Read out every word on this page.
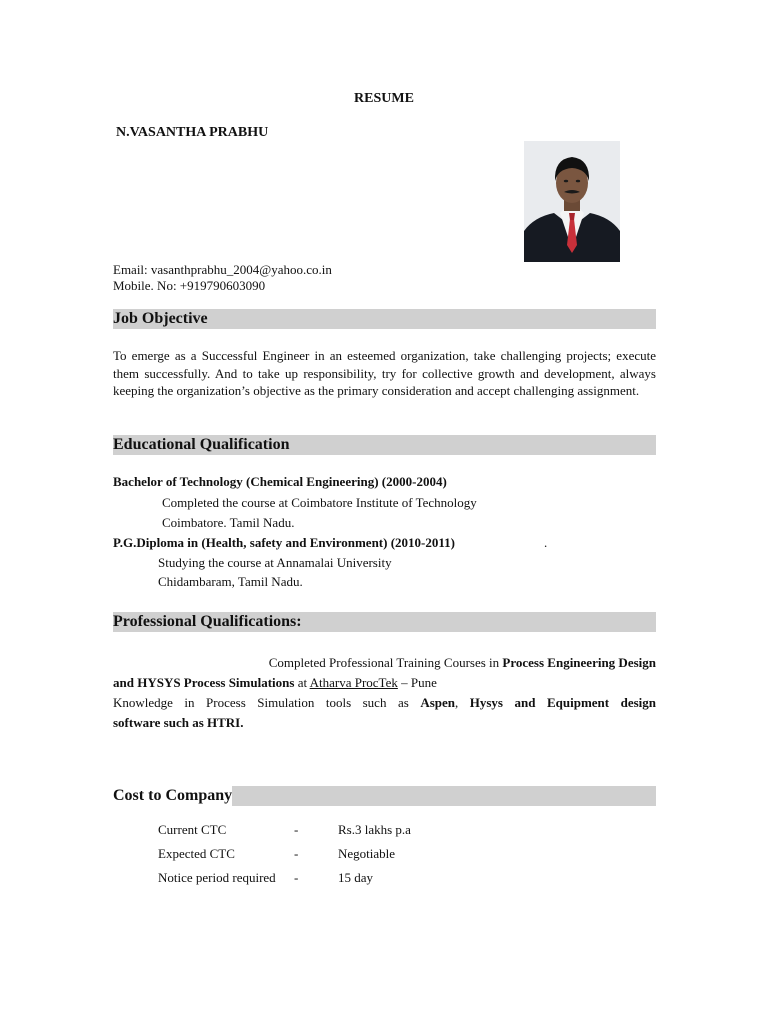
RESUME
N.VASANTHA PRABHU
Email: vasanthprabhu_2004@yahoo.co.in
Mobile. No: +919790603090
Job Objective
To emerge as a Successful Engineer in an esteemed organization, take challenging projects; execute them successfully. And to take up responsibility, try for collective growth and development, always keeping the organization’s objective as the primary consideration and accept challenging assignment.
Educational Qualification
Bachelor of Technology (Chemical Engineering) (2000-2004)
Completed the course at Coimbatore Institute of Technology
Coimbatore. Tamil Nadu.
P.G.Diploma in (Health, safety and Environment) (2010-2011)	.
Studying the course at Annamalai University
Chidambaram, Tamil Nadu.
Professional Qualifications:
Completed Professional Training Courses in Process Engineering Design
and HYSYS Process Simulations at Atharva ProcTek – Pune
Knowledge in Process Simulation tools such as Aspen, Hysys and Equipment design
software such as HTRI.
Cost to Company
Current CTC	-	Rs.3 lakhs p.a
Expected CTC	-	Negotiable
Notice period required -	15 day
